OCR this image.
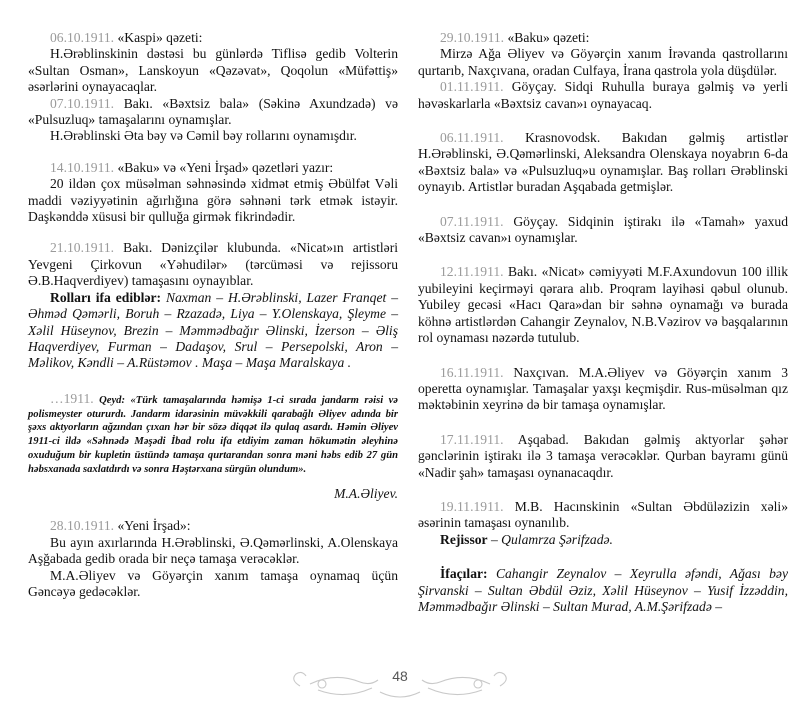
06.10.1911. «Kaspi» qəzeti:

H.Ərəblinskinin dəstəsi bu günlərdə Tiflisə gedib Volterin «Sultan Osman», Lanskoyun «Qəzəvat», Qoqolun «Müfəttiş» əsərlərini oynayacaqlar.

07.10.1911. Bakı. «Bəxtsiz bala» (Səkinə Axundzadə) və «Pulsuzluq» tamaşalarını oynamışlar.

H.Ərəblinski Əta bəy və Cəmil bəy rollarını oynamışdır.

14.10.1911. «Baku» və «Yeni İrşad» qəzetləri yazır:

20 ildən çox müsəlman səhnəsində xidmət etmiş Əbülfət Vəli maddi vəziyyətinin ağırlığına görə səhnəni tərk etmək istəyir. Daşkənddə xüsusi bir qulluğa girmək fikrindədir.

21.10.1911. Bakı. Dənizçilər klubunda. «Nicat»ın artistləri Yevgeni Çirkovun «Yəhudilər» (tərcüməsi və rejissoru Ə.B.Haqverdiyev) tamaşasını oynayıblar.

Rolları ifa ediblər: Naxman – H.Ərəblinski, Lazer Franqet – Əhməd Qəmərli, Boruh – Rzazadə, Liya – Y.Olenskaya, Şleyme – Xəlil Hüseynov, Brezin – Məmmədbağır Əlinski, İzerson – Əliş Haqverdiyev, Furman – Dadaşov, Srul – Persepolski, Aron – Məlikov, Kəndli – A.Rüstəmov . Maşa – Maşa Maralskaya .

…1911. Qeyd: «Türk tamaşalarında həmişə 1-ci sırada jandarm rəisi və polismeyster otururdı. Jandarm idarəsinin müvəkkili qarabağlı Əliyev adında bir şəxs aktyorların ağzından çıxan hər bir sözə diqqət ilə qulaq asardı. Həmin Əliyev 1911-ci ildə «Səhnədə Məşədi İbad rolu ifa etdiyim zaman hökumətin əleyhinə oxuduğum bir kupletin üstündə tamaşa qurtarandan sonra məni həbs edib 27 gün həbsxanada saxlatdırdı və sonra Həştərxana sürgün olundum».

M.A.Əliyev.

28.10.1911. «Yeni İrşad»:

Bu ayın axırlarında H.Ərəblinski, Ə.Qəmərlinski, A.Olenskaya Aşğabada gedib orada bir neçə tamaşa verəcəklər.

M.A.Əliyev və Göyərçin xanım tamaşa oynamaq üçün Gəncəyə gedəcəklər.

29.10.1911. «Baku» qəzeti:

Mirzə Ağa Əliyev və Göyərçin xanım İrəvanda qastrollarını qurtarıb, Naxçıvana, oradan Culfaya, İrana qastrola yola düşdülər.

01.11.1911. Göyçay. Sidqi Ruhulla buraya gəlmiş və yerli həvəskarlarla «Bəxtsiz cavan»ı oynayacaq.

06.11.1911. Krasnovodsk. Bakıdan gəlmiş artistlər H.Ərəblinski, Ə.Qəmərlinski, Aleksandra Olenskaya noyabrın 6-da «Bəxtsiz bala» və «Pulsuzluq»u oynamışlar. Baş rolları Ərəblinski oynayıb. Artistlər buradan Aşqabada getmişlər.

07.11.1911. Göyçay. Sidqinin iştirakı ilə «Tamah» yaxud «Bəxtsiz cavan»ı oynamışlar.

12.11.1911. Bakı. «Nicat» cəmiyyəti M.F.Axundovun 100 illik yubileyini keçirməyi qərara alıb. Proqram layihəsi qəbul olunub. Yubiley gecəsi «Hacı Qara»dan bir səhnə oynamağı və burada köhnə artistlərdən Cahangir Zeynalov, N.B.Vəzirov və başqalarının rol oynaması nəzərdə tutulub.

16.11.1911. Naxçıvan. M.A.Əliyev və Göyərçin xanım 3 operetta oynamışlar. Tamaşalar yaxşı keçmişdir. Rus-müsəlman qız məktəbinin xeyrinə də bir tamaşa oynamışlar.

17.11.1911. Aşqabad. Bakıdan gəlmiş aktyorlar şəhər gənclərinin iştirakı ilə 3 tamaşa verəcəklər. Qurban bayramı günü «Nadir şah» tamaşası oynanacaqdır.

19.11.1911. M.B. Hacınskinin «Sultan Əbdüləzizin xəli» əsərinin tamaşası oynanılıb.

Rejissor – Qulamrza Şərifzadə.

İfaçılar: Cahangir Zeynalov – Xeyrulla əfəndi, Ağası bəy Şirvanski – Sultan Əbdül Əziz, Xəlil Hüseynov – Yusif İzzəddin, Məmmədbağır Əlinski – Sultan Murad, A.M.Şərifzadə –

48
